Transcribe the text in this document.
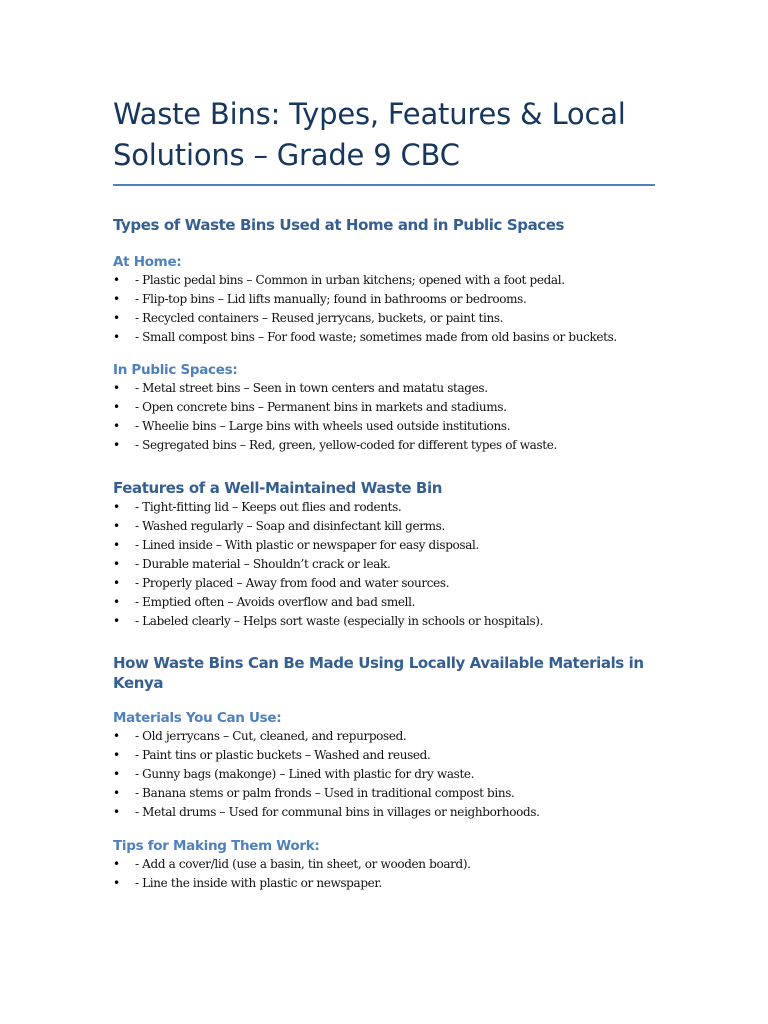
Waste Bins: Types, Features & Local Solutions – Grade 9 CBC
Types of Waste Bins Used at Home and in Public Spaces
At Home:
• - Plastic pedal bins – Common in urban kitchens; opened with a foot pedal.
• - Flip-top bins – Lid lifts manually; found in bathrooms or bedrooms.
• - Recycled containers – Reused jerrycans, buckets, or paint tins.
• - Small compost bins – For food waste; sometimes made from old basins or buckets.
In Public Spaces:
• - Metal street bins – Seen in town centers and matatu stages.
• - Open concrete bins – Permanent bins in markets and stadiums.
• - Wheelie bins – Large bins with wheels used outside institutions.
• - Segregated bins – Red, green, yellow-coded for different types of waste.
Features of a Well-Maintained Waste Bin
• - Tight-fitting lid – Keeps out flies and rodents.
• - Washed regularly – Soap and disinfectant kill germs.
• - Lined inside – With plastic or newspaper for easy disposal.
• - Durable material – Shouldn’t crack or leak.
• - Properly placed – Away from food and water sources.
• - Emptied often – Avoids overflow and bad smell.
• - Labeled clearly – Helps sort waste (especially in schools or hospitals).
How Waste Bins Can Be Made Using Locally Available Materials in Kenya
Materials You Can Use:
• - Old jerrycans – Cut, cleaned, and repurposed.
• - Paint tins or plastic buckets – Washed and reused.
• - Gunny bags (makonge) – Lined with plastic for dry waste.
• - Banana stems or palm fronds – Used in traditional compost bins.
• - Metal drums – Used for communal bins in villages or neighborhoods.
Tips for Making Them Work:
• - Add a cover/lid (use a basin, tin sheet, or wooden board).
• - Line the inside with plastic or newspaper.
